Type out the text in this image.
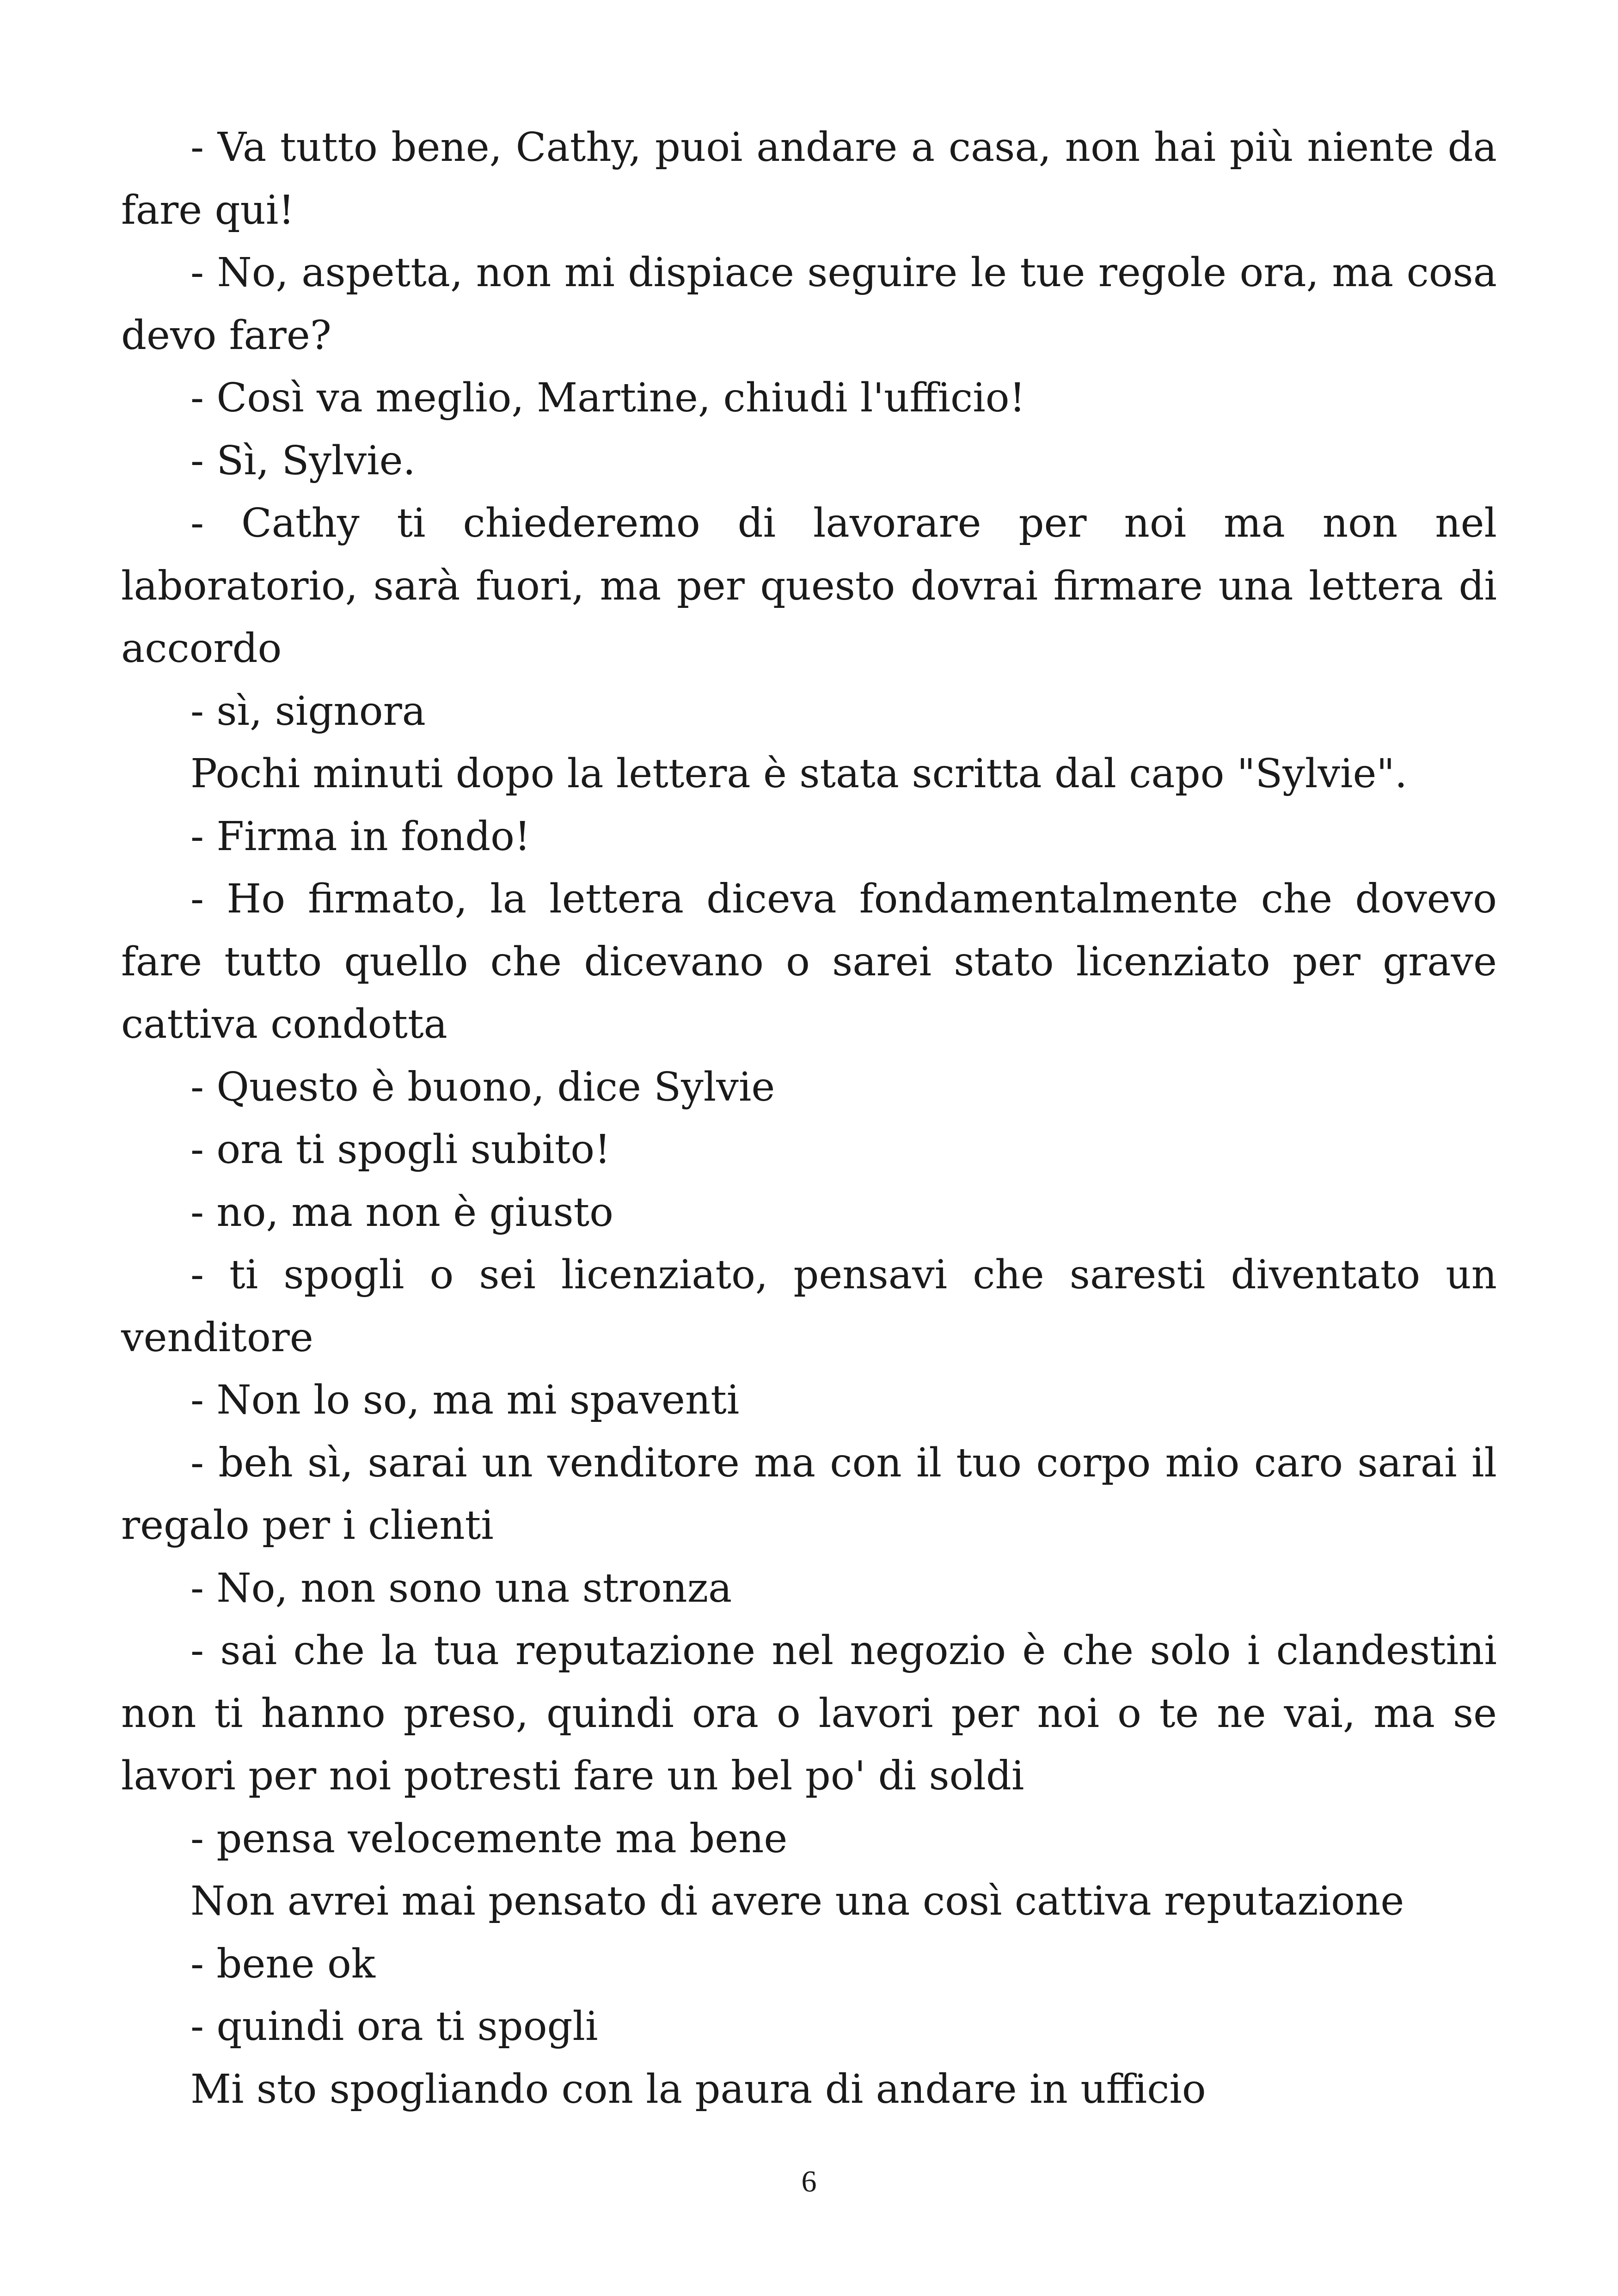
- Va tutto bene, Cathy, puoi andare a casa, non hai più niente da fare qui!

- No, aspetta, non mi dispiace seguire le tue regole ora, ma cosa devo fare?

- Così va meglio, Martine, chiudi l'ufficio!

- Sì, Sylvie.

- Cathy ti chiederemo di lavorare per noi ma non nel laboratorio, sarà fuori, ma per questo dovrai firmare una lettera di accordo

- sì, signora

Pochi minuti dopo la lettera è stata scritta dal capo "Sylvie".

- Firma in fondo!

- Ho firmato, la lettera diceva fondamentalmente che dovevo fare tutto quello che dicevano o sarei stato licenziato per grave cattiva condotta

- Questo è buono, dice Sylvie

- ora ti spogli subito!

- no, ma non è giusto

- ti spogli o sei licenziato, pensavi che saresti diventato un venditore

- Non lo so, ma mi spaventi

- beh sì, sarai un venditore ma con il tuo corpo mio caro sarai il regalo per i clienti

- No, non sono una stronza

- sai che la tua reputazione nel negozio è che solo i clandestini non ti hanno preso, quindi ora o lavori per noi o te ne vai, ma se lavori per noi potresti fare un bel po' di soldi

- pensa velocemente ma bene

Non avrei mai pensato di avere una così cattiva reputazione

- bene ok

- quindi ora ti spogli

Mi sto spogliando con la paura di andare in ufficio

6
